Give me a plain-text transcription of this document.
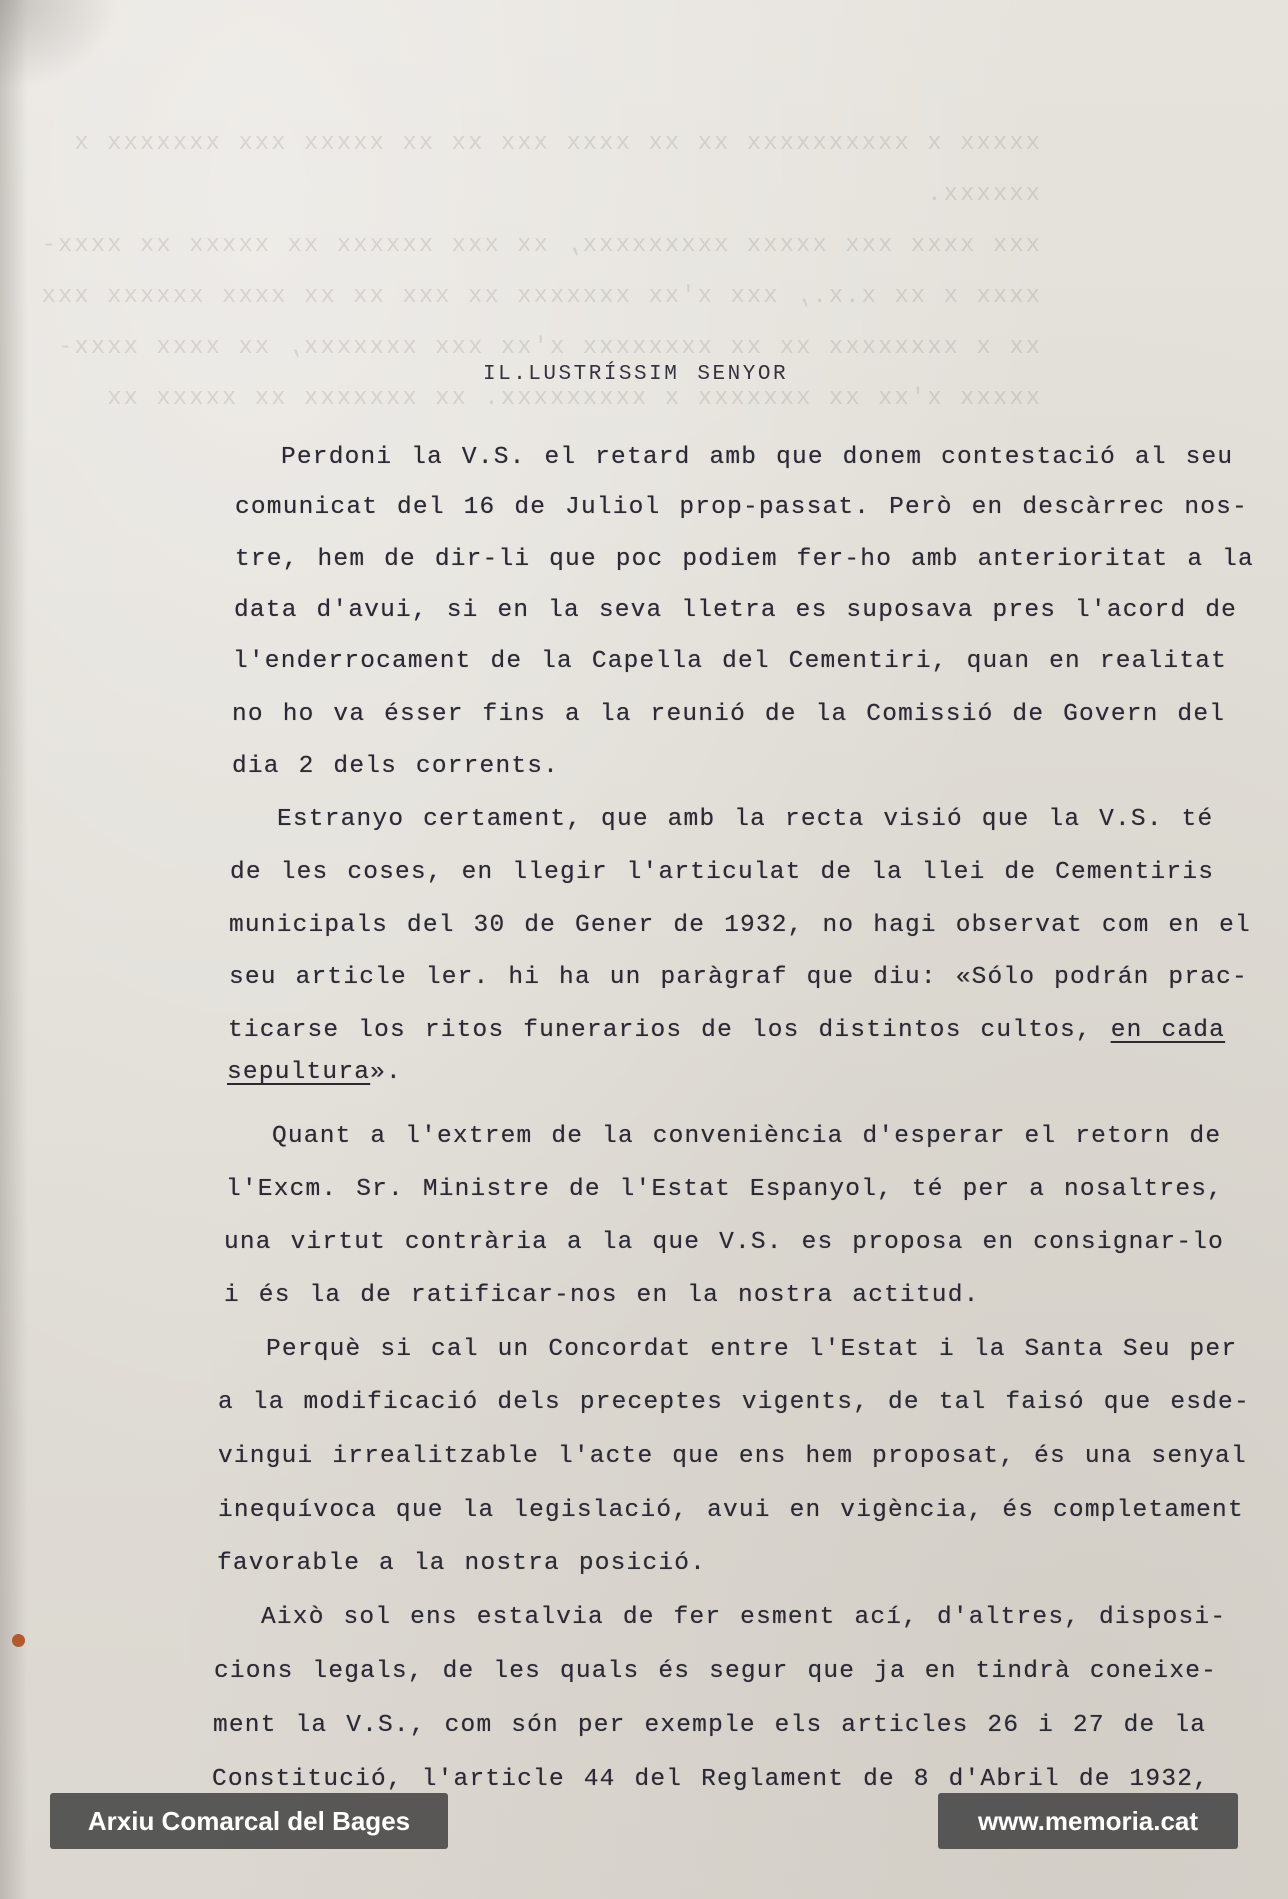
xxxxx x xxxxxxxxxx xx xx xxxx xxx xx xx xxxxx xxx xxxxxxx x
xxxxxx.
xxx xxxx xxx xxxxx xxxxxxxxx, xx xxx xxxxxx xx xxxxx xx xxxx-
xxxx x xx x.x., xxx x'xx xxxxxxx xx xxx xx xx xxxx xxxxxx xxx
xx x xxxxxxxx xx xx xxxxxxxx x'xx xxx xxxxxxx, xx xxxx xxxx-
xxxxx x'xx xx xxxxxxx x xxxxxxxxx. xx xxxxxxx xx xxxxx xx
IL.LUSTRÍSSIM SENYOR
Perdoni la V.S. el retard amb que donem contestació al seu
comunicat del 16 de Juliol prop-passat. Però en descàrrec nos-
tre, hem de dir-li que poc podiem fer-ho amb anterioritat a la
data d'avui, si en la seva lletra es suposava pres l'acord de
l'enderrocament de la Capella del Cementiri, quan en realitat
no ho va ésser fins a la reunió de la Comissió de Govern del
dia 2 dels corrents.
Estranyo certament, que amb la recta visió que la V.S. té
de les coses, en llegir l'articulat de la llei de Cementiris
municipals del 30 de Gener de 1932, no hagi observat com en el
seu article ler. hi ha un paràgraf que diu: «Sólo podrán prac-
ticarse los ritos funerarios de los distintos cultos, en cada
sepultura».
Quant a l'extrem de la conveniència d'esperar el retorn de
l'Excm. Sr. Ministre de l'Estat Espanyol, té per a nosaltres,
una virtut contrària a la que V.S. es proposa en consignar-lo
i és la de ratificar-nos en la nostra actitud.
Perquè si cal un Concordat entre l'Estat i la Santa Seu per
a la modificació dels preceptes vigents, de tal faisó que esde-
vingui irrealitzable l'acte que ens hem proposat, és una senyal
inequívoca que la legislació, avui en vigència, és completament
favorable a la nostra posició.
Això sol ens estalvia de fer esment ací, d'altres, disposi-
cions legals, de les quals és segur que ja en tindrà coneixe-
ment la V.S., com són per exemple els articles 26 i 27 de la
Constitució, l'article 44 del Reglament de 8 d'Abril de 1932,
Arxiu Comarcal del Bages	www.memoria.cat
